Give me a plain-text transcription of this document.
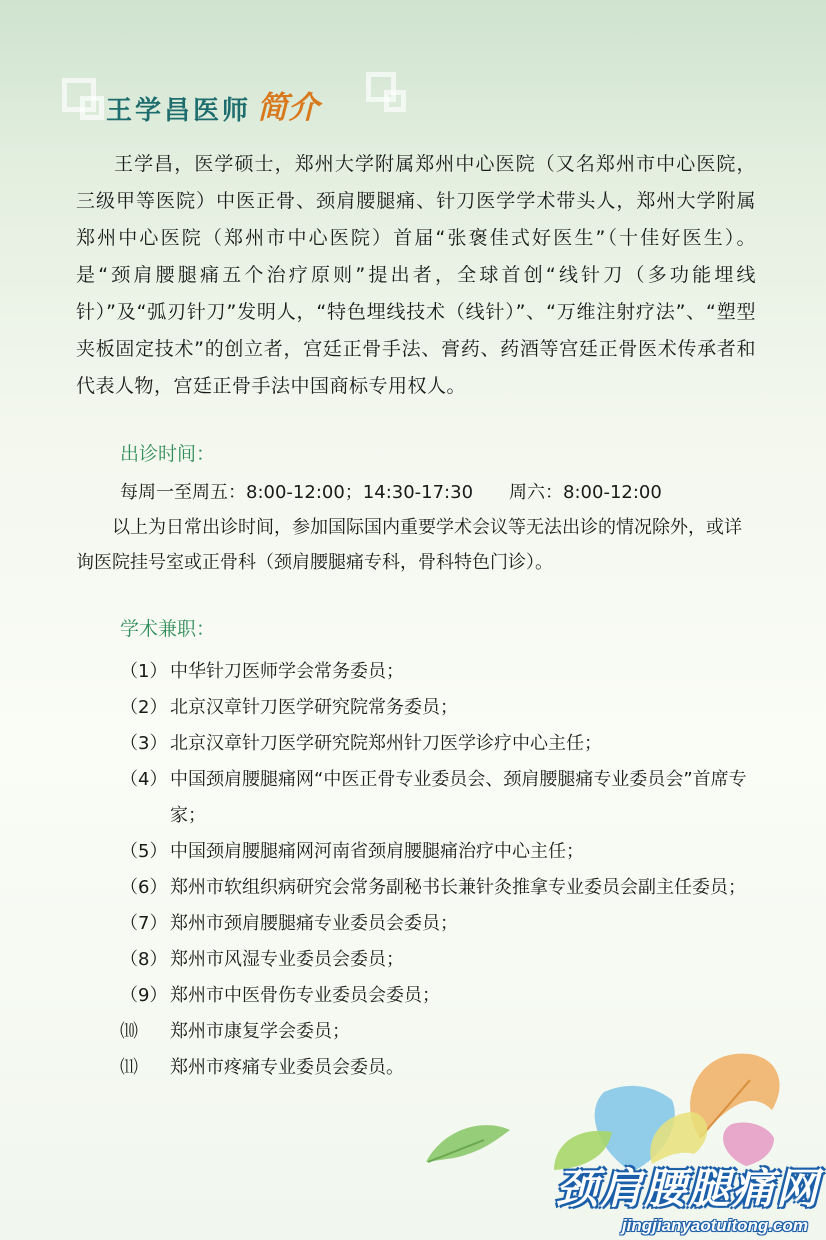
王学昌医师 简介

王学昌，医学硕士，郑州大学附属郑州中心医院（又名郑州市中心医院，三级甲等医院）中医正骨、颈肩腰腿痛、针刀医学学术带头人，郑州大学附属郑州中心医院（郑州市中心医院）首届“张褒佳式好医生”（十佳好医生）。 是“颈肩腰腿痛五个治疗原则”提出者，全球首创“线针刀（多功能埋线针）”及“弧刃针刀”发明人，“特色埋线技术（线针）”、“万维注射疗法”、“塑型夹板固定技术”的创立者，宫廷正骨手法、膏药、药酒等宫廷正骨医术传承者和代表人物，宫廷正骨手法中国商标专用权人。

出诊时间：

每周一至周五：8:00-12:00；14:30-17:30　　周六：8:00-12:00

以上为日常出诊时间，参加国际国内重要学术会议等无法出诊的情况除外，或详询医院挂号室或正骨科（颈肩腰腿痛专科，骨科特色门诊）。

学术兼职：
（1） 中华针刀医师学会常务委员；
（2） 北京汉章针刀医学研究院常务委员；
（3） 北京汉章针刀医学研究院郑州针刀医学诊疗中心主任；
（4） 中国颈肩腰腿痛网“中医正骨专业委员会、颈肩腰腿痛专业委员会”首席专家；
（5） 中国颈肩腰腿痛网河南省颈肩腰腿痛治疗中心主任；
（6） 郑州市软组织病研究会常务副秘书长兼针灸推拿专业委员会副主任委员；
（7） 郑州市颈肩腰腿痛专业委员会委员；
（8） 郑州市风湿专业委员会委员；
（9） 郑州市中医骨伤专业委员会委员；
⑽	郑州市康复学会委员；
⑾	郑州市疼痛专业委员会委员。
颈肩腰腿痛网
jingjianyaotuitong.com
